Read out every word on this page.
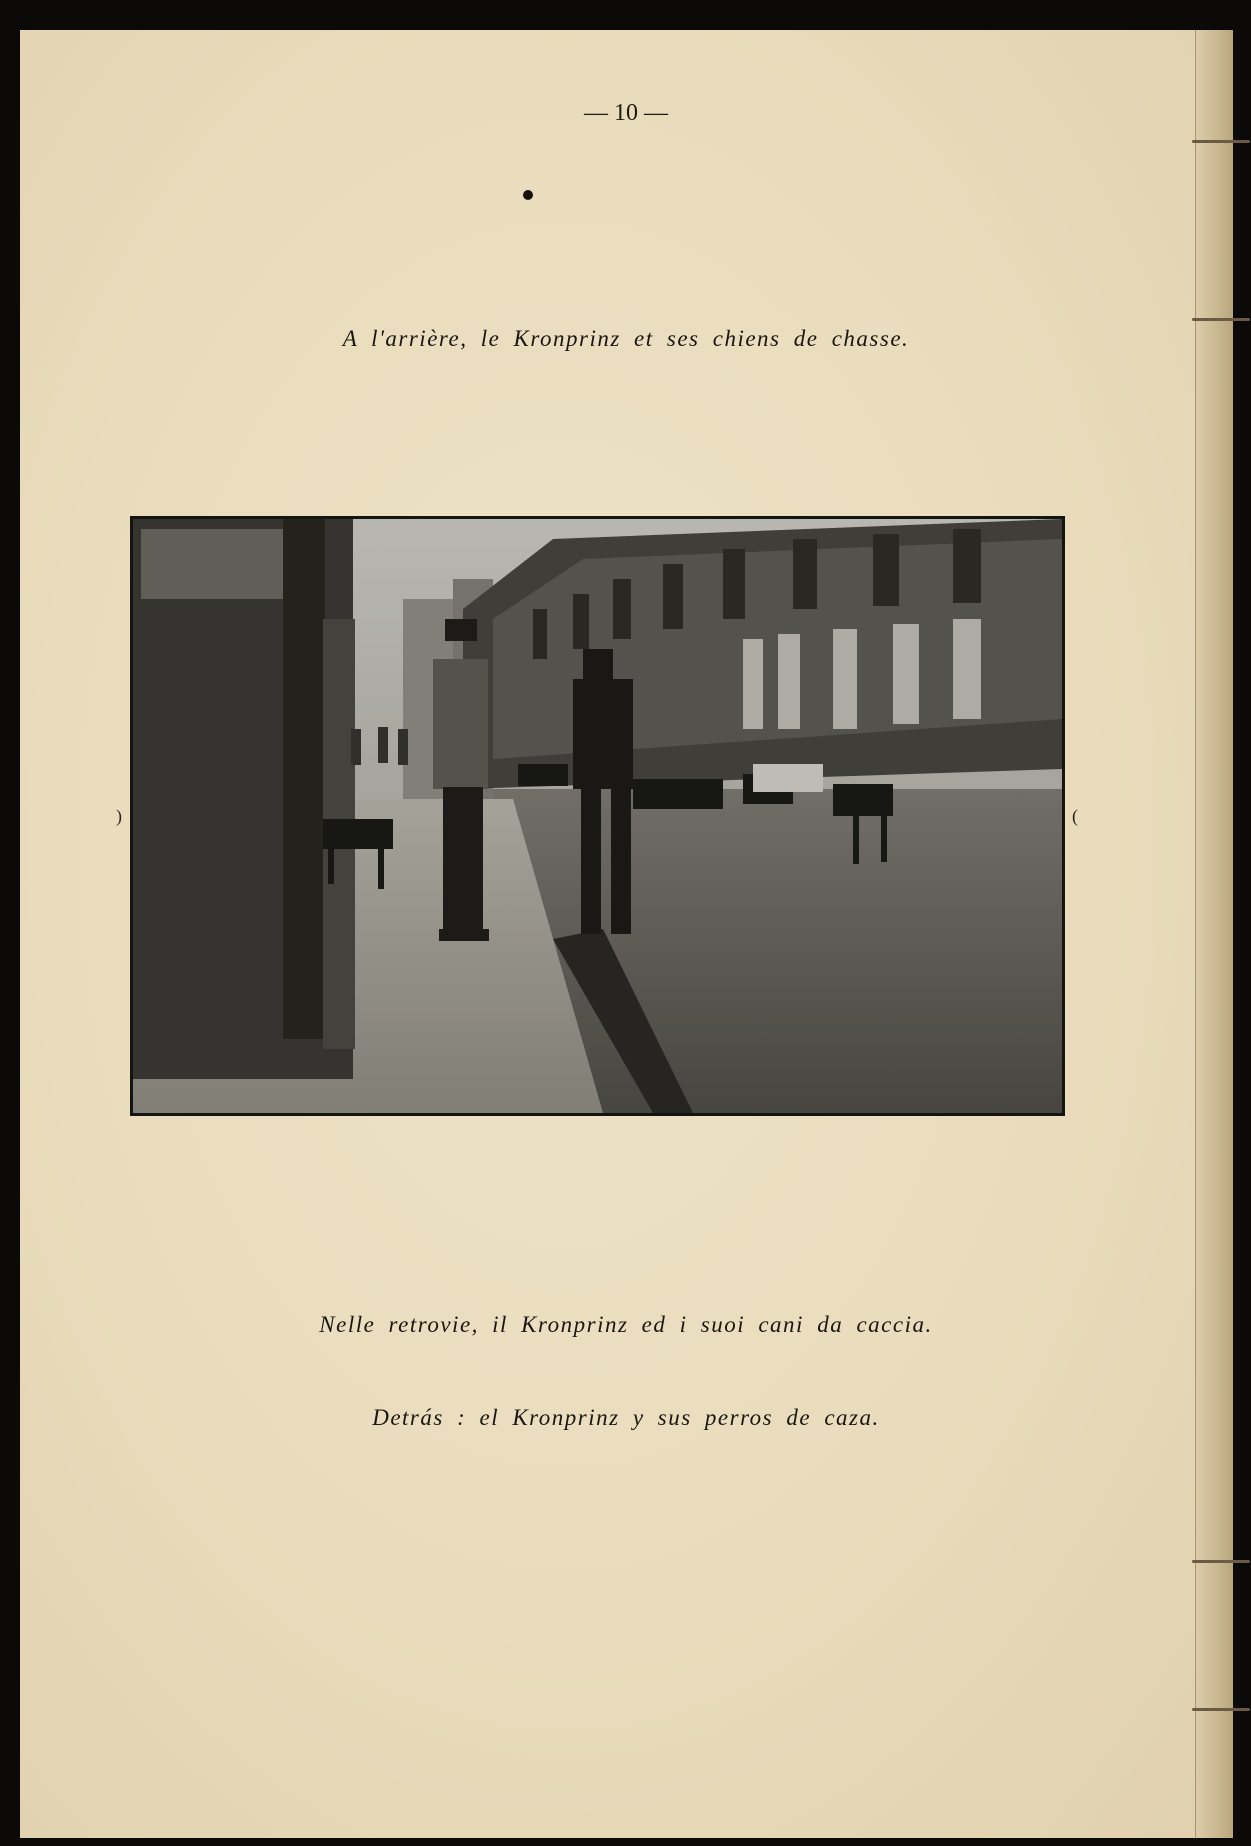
— 10 —
A l'arrière, le Kronprinz et ses chiens de chasse.
)	(
Nelle retrovie, il Kronprinz ed i suoi cani da caccia.
Detrás : el Kronprinz y sus perros de caza.
